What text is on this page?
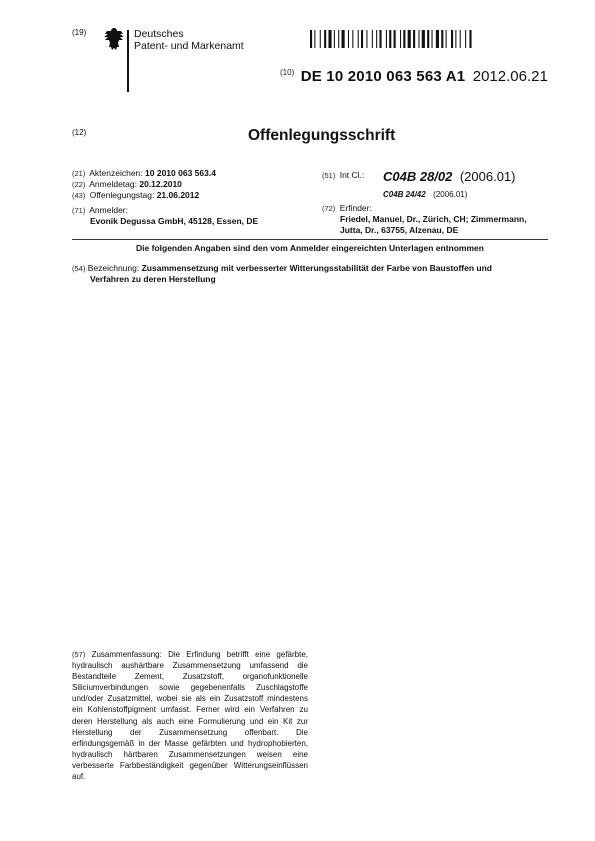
(19)	Deutsches
Patent- und Markenamt
$^{(10)}$ DE 10 2010 063 563 A1 2012.06.21
(12)	Offenlegungsschrift
(21) Aktenzeichen: 10 2010 063 563.4
(22) Anmeldetag: 20.12.2010
(43) Offenlegungstag: 21.06.2012
(71) Anmelder:
Evonik Degussa GmbH, 45128, Essen, DE
(51) Int Cl.: C04B 28/02 (2006.01)
C04B 24/42 (2006.01)
(72) Erfinder:
Friedel, Manuel, Dr., Zürich, CH; Zimmermann,
Jutta, Dr., 63755, Alzenau, DE
Die folgenden Angaben sind den vom Anmelder eingereichten Unterlagen entnommen
(54) Bezeichnung: Zusammensetzung mit verbesserter Witterungsstabilität der Farbe von Baustoffen und
Verfahren zu deren Herstellung
(57) Zusammenfassung: Die Erfindung betrifft eine gefärbte, hydraulisch aushärtbare Zusammensetzung umfassend die Bestandteile Zement, Zusatzstoff, organofunktionelle Siliciumverbindungen sowie gegebenenfalls Zuschlagstoffe und/oder Zusatzmittel, wobei sie als ein Zusatzstoff mindestens ein Kohlenstoffpigment umfasst. Ferner wird ein Verfahren zu deren Herstellung als auch eine Formulierung und ein Kit zur Herstellung der Zusammensetzung offenbart. Die erfindungsgemäß in der Masse gefärbten und hydrophobierten, hydraulisch härtbaren Zusammensetzungen weisen eine verbesserte Farbbeständigkeit gegenüber Witterungseinflüssen auf.
